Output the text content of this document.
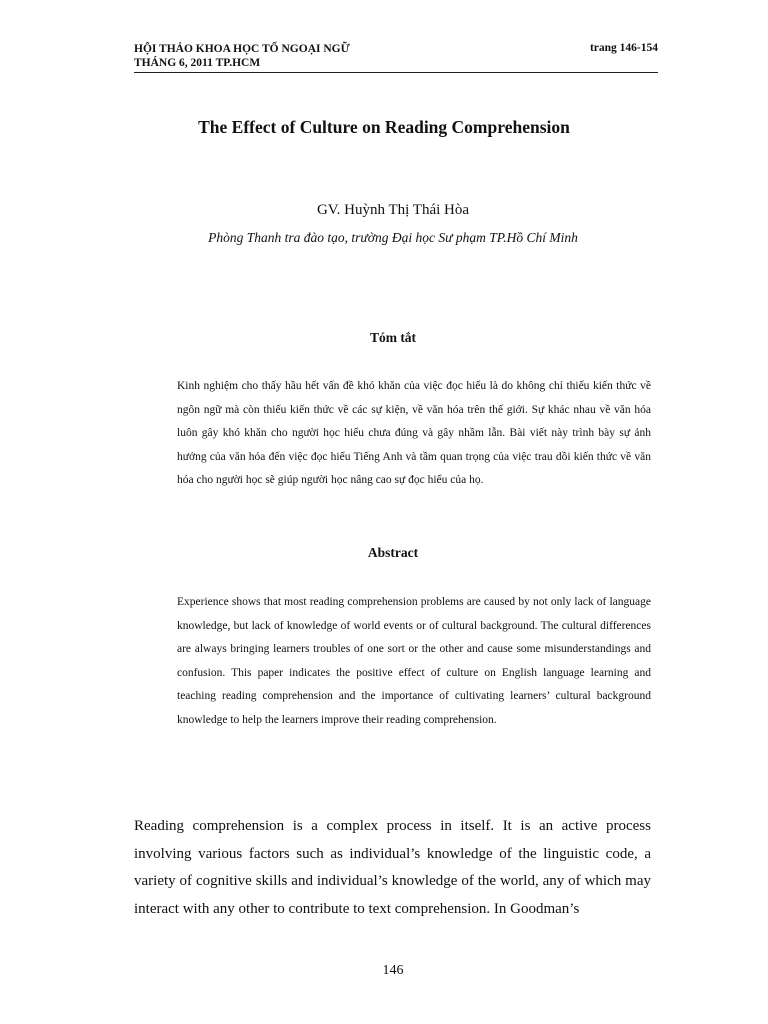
HỘI THẢO KHOA HỌC TỔ NGOẠI NGỮ
THÁNG 6, 2011 TP.HCM
trang 146-154
The Effect of Culture on Reading Comprehension
GV. Huỳnh Thị Thái Hòa
Phòng Thanh tra đào tạo, trường Đại học Sư phạm TP.Hồ Chí Minh
Tóm tắt
Kinh nghiệm cho thấy hầu hết vấn đề khó khăn của việc đọc hiểu là do không chỉ thiếu kiến thức về ngôn ngữ mà còn thiếu kiến thức về các sự kiện, về văn hóa trên thế giới. Sự khác nhau về văn hóa luôn gây khó khăn cho người học hiểu chưa đúng và gây nhầm lẫn. Bài viết này trình bày sự ảnh hưởng của văn hóa đến việc đọc hiểu Tiếng Anh và tầm quan trọng của việc trau dồi kiến thức về văn hóa cho người học sẽ giúp người học nâng cao sự đọc hiểu của họ.
Abstract
Experience shows that most reading comprehension problems are caused by not only lack of language knowledge, but lack of knowledge of world events or of cultural background. The cultural differences are always bringing learners troubles of one sort or the other and cause some misunderstandings and confusion. This paper indicates the positive effect of culture on English language learning and teaching reading comprehension and the importance of cultivating learners’ cultural background knowledge to help the learners improve their reading comprehension.
Reading comprehension is a complex process in itself. It is an active process involving various factors such as individual’s knowledge of the linguistic code, a variety of cognitive skills and individual’s knowledge of the world, any of which may interact with any other to contribute to text comprehension. In Goodman’s
146
